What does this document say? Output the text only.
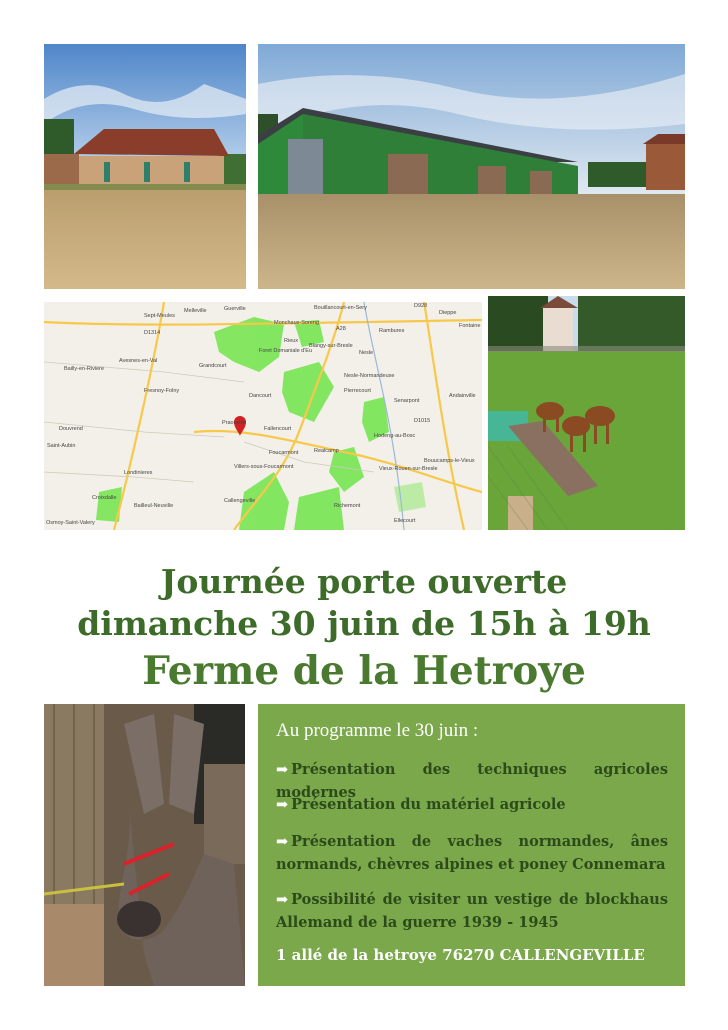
Sept-Meules
Melleville	Guerville	Bouillancourt-en-Sery
Dieppe
Monchaux-Soreng
Rambures
Fontaine
Foret Domaniale d'Eu
Blangy-sur-Bresle
Avesnes-en-Val
Rieux
Nesle-Normandeuse
Bailly-en-Riviere	Grandcourt
Nesle
Andainville
Fresnoy-Folny	Pierrecourt
Senarpont
Dancourt
Praouville
Fallencourt
Hodeng-au-Bosc
Douvrend
Bouucamps-le-Vieux
Vieux-Rouen-sur-Bresle
Foucarmont	Realcamp
Londinieres
Villers-sous-Foucarmont
Croixdalle
Bailleul-Neuville
Callengeville
Richemont
Osmoy-Saint-Valery	Ellecourt
Saint-Aubin
D1314
D928
D1015
A28
Journée porte ouverte
dimanche 30 juin de 15h à 19h
Ferme de la Hetroye
Au programme le 30 juin :
➡ Présentation des techniques agricoles modernes
➡ Présentation du matériel agricole
➡ Présentation de vaches normandes, ânes normands, chèvres alpines et poney Connemara
➡ Possibilité de visiter un vestige de blockhaus Allemand de la guerre 1939 - 1945
1 allé de la hetroye 76270 CALLENGEVILLE
